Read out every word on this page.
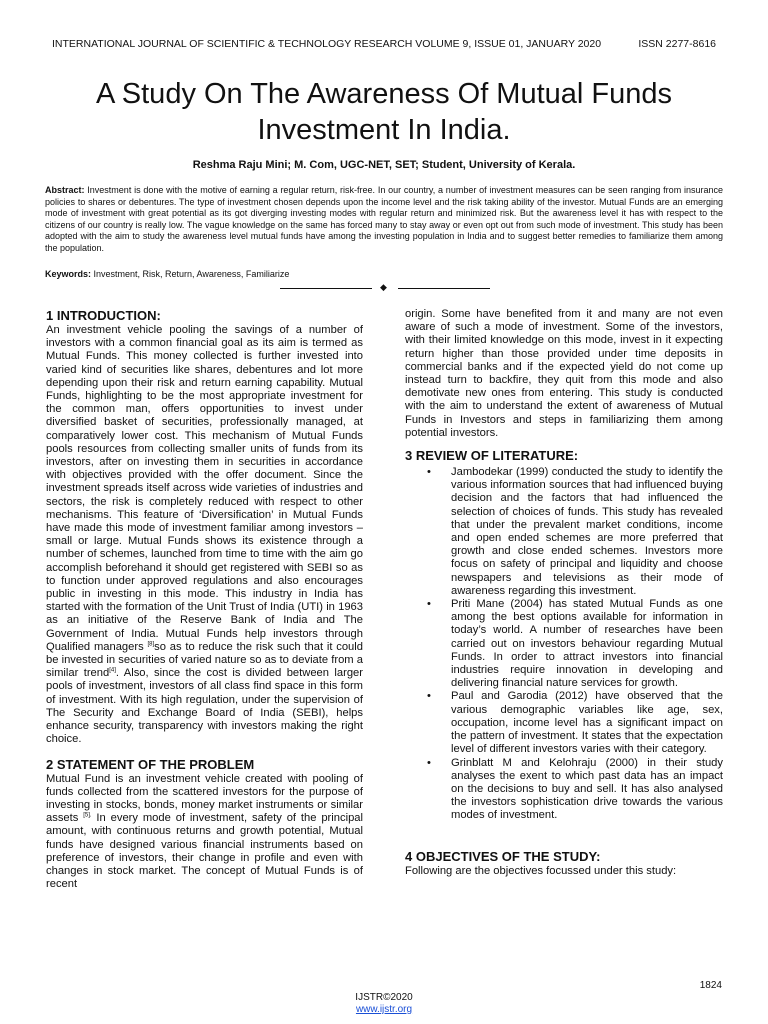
INTERNATIONAL JOURNAL OF SCIENTIFIC & TECHNOLOGY RESEARCH VOLUME 9, ISSUE 01, JANUARY 2020	ISSN 2277-8616
A Study On The Awareness Of Mutual Funds Investment In India.
Reshma Raju Mini; M. Com, UGC-NET, SET; Student, University of Kerala.
Abstract: Investment is done with the motive of earning a regular return, risk-free. In our country, a number of investment measures can be seen ranging from insurance policies to shares or debentures. The type of investment chosen depends upon the income level and the risk taking ability of the investor. Mutual Funds are an emerging mode of investment with great potential as its got diverging investing modes with regular return and minimized risk. But the awareness level it has with respect to the citizens of our country is really low. The vague knowledge on the same has forced many to stay away or even opt out from such mode of investment. This study has been adopted with the aim to study the awareness level mutual funds have among the investing population in India and to suggest better remedies to familiarize them among the population.
Keywords: Investment, Risk, Return, Awareness, Familiarize
◆
1 INTRODUCTION:

An investment vehicle pooling the savings of a number of investors with a common financial goal as its aim is termed as Mutual Funds. This money collected is further invested into varied kind of securities like shares, debentures and lot more depending upon their risk and return earning capability. Mutual Funds, highlighting to be the most appropriate investment for the common man, offers opportunities to invest under diversified basket of securities, professionally managed, at comparatively lower cost. This mechanism of Mutual Funds pools resources from collecting smaller units of funds from its investors, after on investing them in securities in accordance with objectives provided with the offer document. Since the investment spreads itself across wide varieties of industries and sectors, the risk is completely reduced with respect to other mechanisms. This feature of ‘Diversification’ in Mutual Funds have made this mode of investment familiar among investors – small or large. Mutual Funds shows its existence through a number of schemes, launched from time to time with the aim go accomplish beforehand it should get registered with SEBI so as to function under approved regulations and also encourages public in investing in this mode. This industry in India has started with the formation of the Unit Trust of India (UTI) in 1963 as an initiative of the Reserve Bank of India and The Government of India. Mutual Funds help investors through Qualified managers [8]so as to reduce the risk such that it could be invested in securities of varied nature so as to deviate from a similar trend[4]. Also, since the cost is divided between larger pools of investment, investors of all class find space in this form of investment. With its high regulation, under the supervision of The Security and Exchange Board of India (SEBI), helps enhance security, transparency with investors making the right choice.

2 STATEMENT OF THE PROBLEM

Mutual Fund is an investment vehicle created with pooling of funds collected from the scattered investors for the purpose of investing in stocks, bonds, money market instruments or similar assets $^{[5].}$ In every mode of investment, safety of the principal amount, with continuous returns and growth potential, Mutual funds have designed various financial instruments based on preference of investors, their change in profile and even with changes in stock market. The concept of Mutual Funds is of recent

origin. Some have benefited from it and many are not even aware of such a mode of investment. Some of the investors, with their limited knowledge on this mode, invest in it expecting return higher than those provided under time deposits in commercial banks and if the expected yield do not come up instead turn to backfire, they quit from this mode and also demotivate new ones from entering. This study is conducted with the aim to understand the extent of awareness of Mutual Funds in Investors and steps in familiarizing them among potential investors.

3 REVIEW OF LITERATURE:
• Jambodekar (1999) conducted the study to identify the various information sources that had influenced buying decision and the factors that had influenced the selection of choices of funds. This study has revealed that under the prevalent market conditions, income and open ended schemes are more preferred that growth and close ended schemes. Investors more focus on safety of principal and liquidity and choose newspapers and televisions as their mode of awareness regarding this investment.
• Priti Mane (2004) has stated Mutual Funds as one among the best options available for information in today’s world. A number of researches have been carried out on investors behaviour regarding Mutual Funds. In order to attract investors into financial industries require innovation in developing and delivering financial nature services for growth.
• Paul and Garodia (2012) have observed that the various demographic variables like age, sex, occupation, income level has a significant impact on the pattern of investment. It states that the expectation level of different investors varies with their category.
• Grinblatt M and Kelohraju (2000) in their study analyses the exent to which past data has an impact on the decisions to buy and sell. It has also analysed the investors sophistication drive towards the various modes of investment.
4 OBJECTIVES OF THE STUDY:

Following are the objectives focussed under this study:

1824
IJSTR©2020
www.ijstr.org
